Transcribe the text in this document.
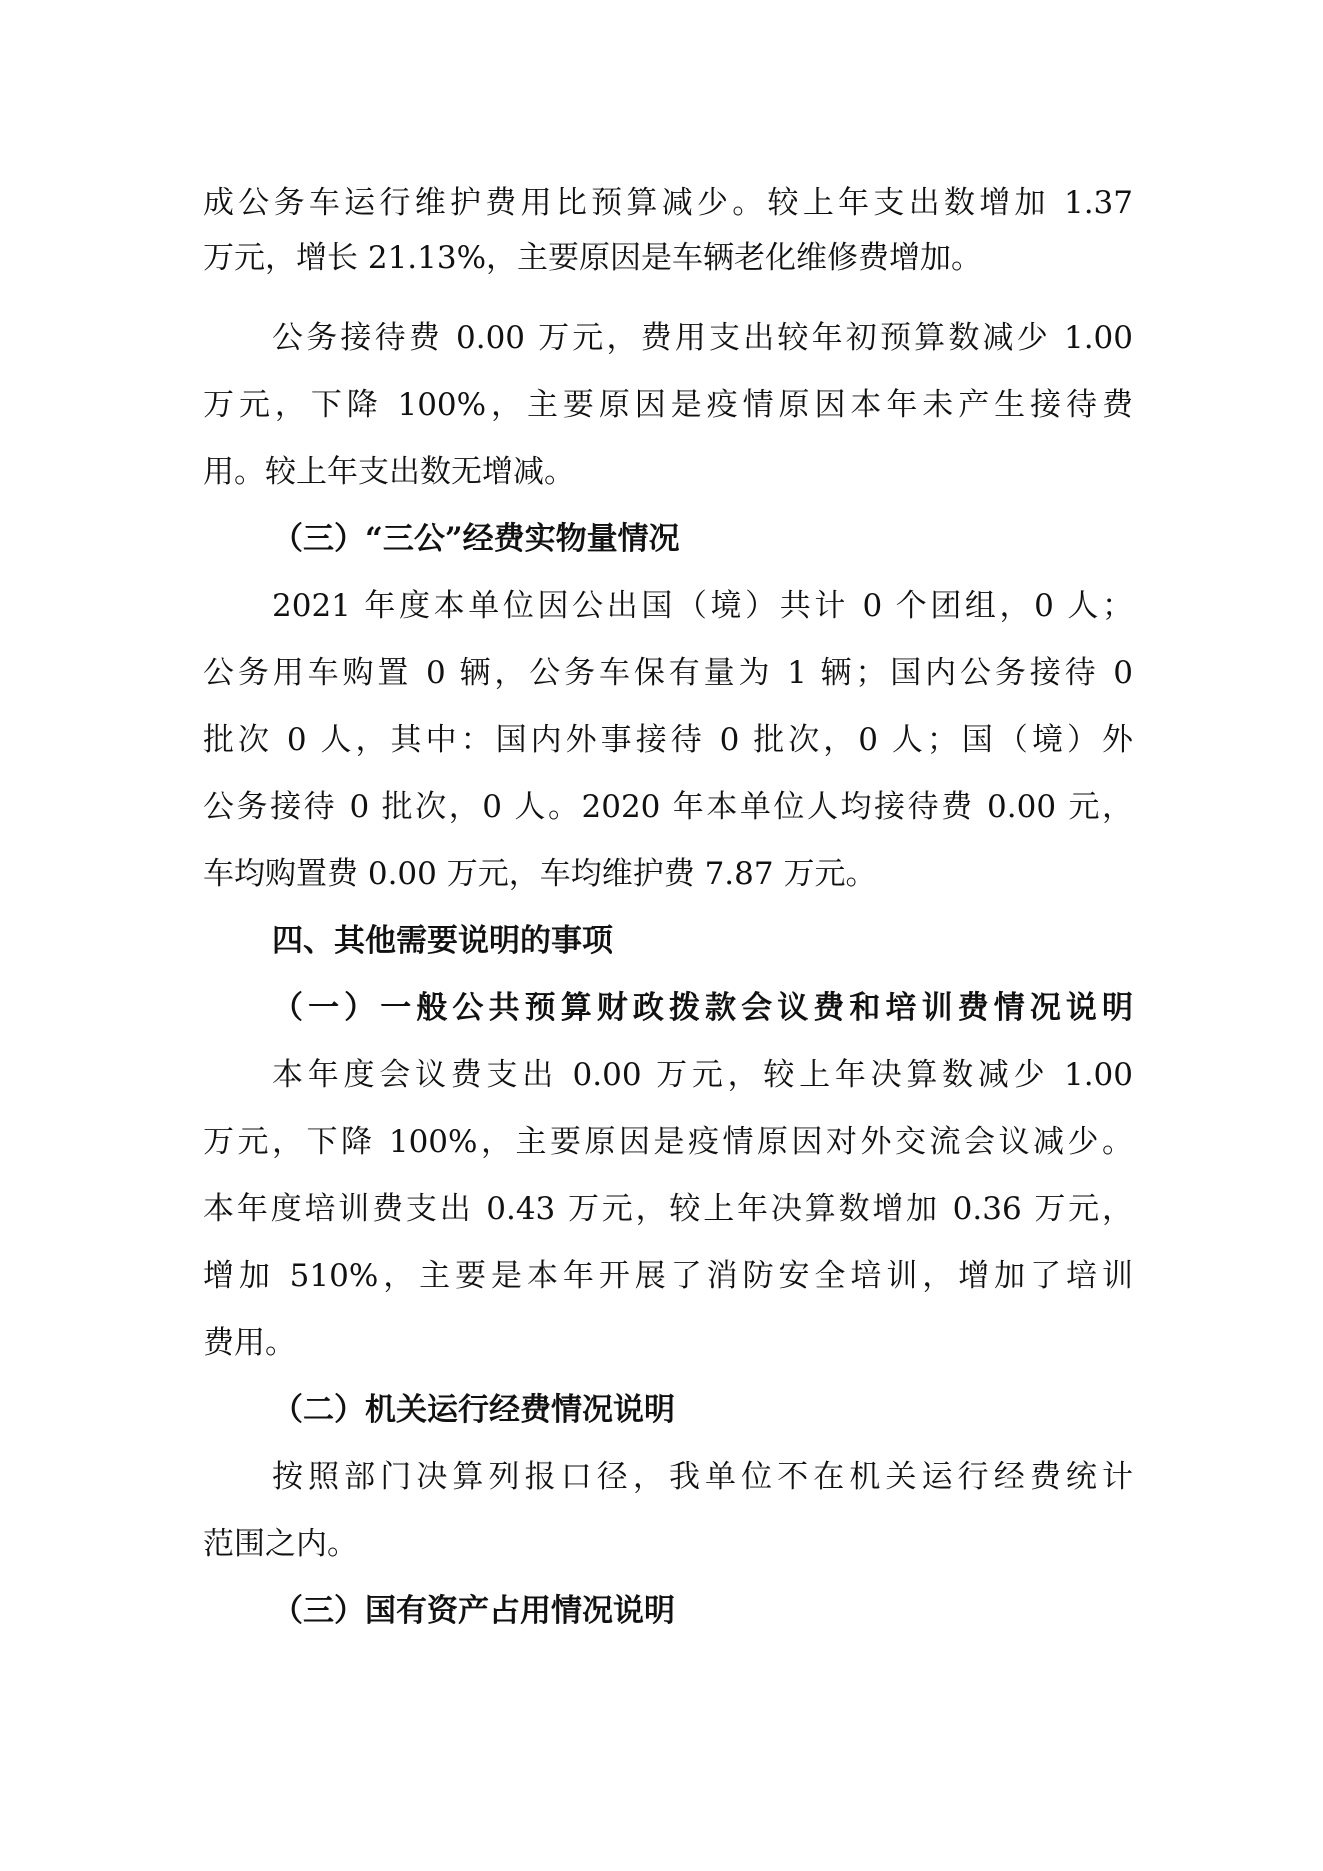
成公务车运行维护费用比预算减少。较上年支出数增加 1.37
万元，增长 21.13%，主要原因是车辆老化维修费增加。
公务接待费 0.00 万元，费用支出较年初预算数减少 1.00
万元，下降 100%，主要原因是疫情原因本年未产生接待费
用。较上年支出数无增减。
（三）“三公”经费实物量情况
2021 年度本单位因公出国（境）共计 0 个团组，0 人；
公务用车购置 0 辆，公务车保有量为 1 辆；国内公务接待 0
批次 0 人，其中：国内外事接待 0 批次，0 人；国（境）外
公务接待 0 批次，0 人。2020 年本单位人均接待费 0.00 元，
车均购置费 0.00 万元，车均维护费 7.87 万元。
四、其他需要说明的事项
（一）一般公共预算财政拨款会议费和培训费情况说明
本年度会议费支出 0.00 万元，较上年决算数减少 1.00
万元，下降 100%，主要原因是疫情原因对外交流会议减少。
本年度培训费支出 0.43 万元，较上年决算数增加 0.36 万元，
增加 510%，主要是本年开展了消防安全培训，增加了培训
费用。
（二）机关运行经费情况说明
按照部门决算列报口径，我单位不在机关运行经费统计
范围之内。
（三）国有资产占用情况说明
